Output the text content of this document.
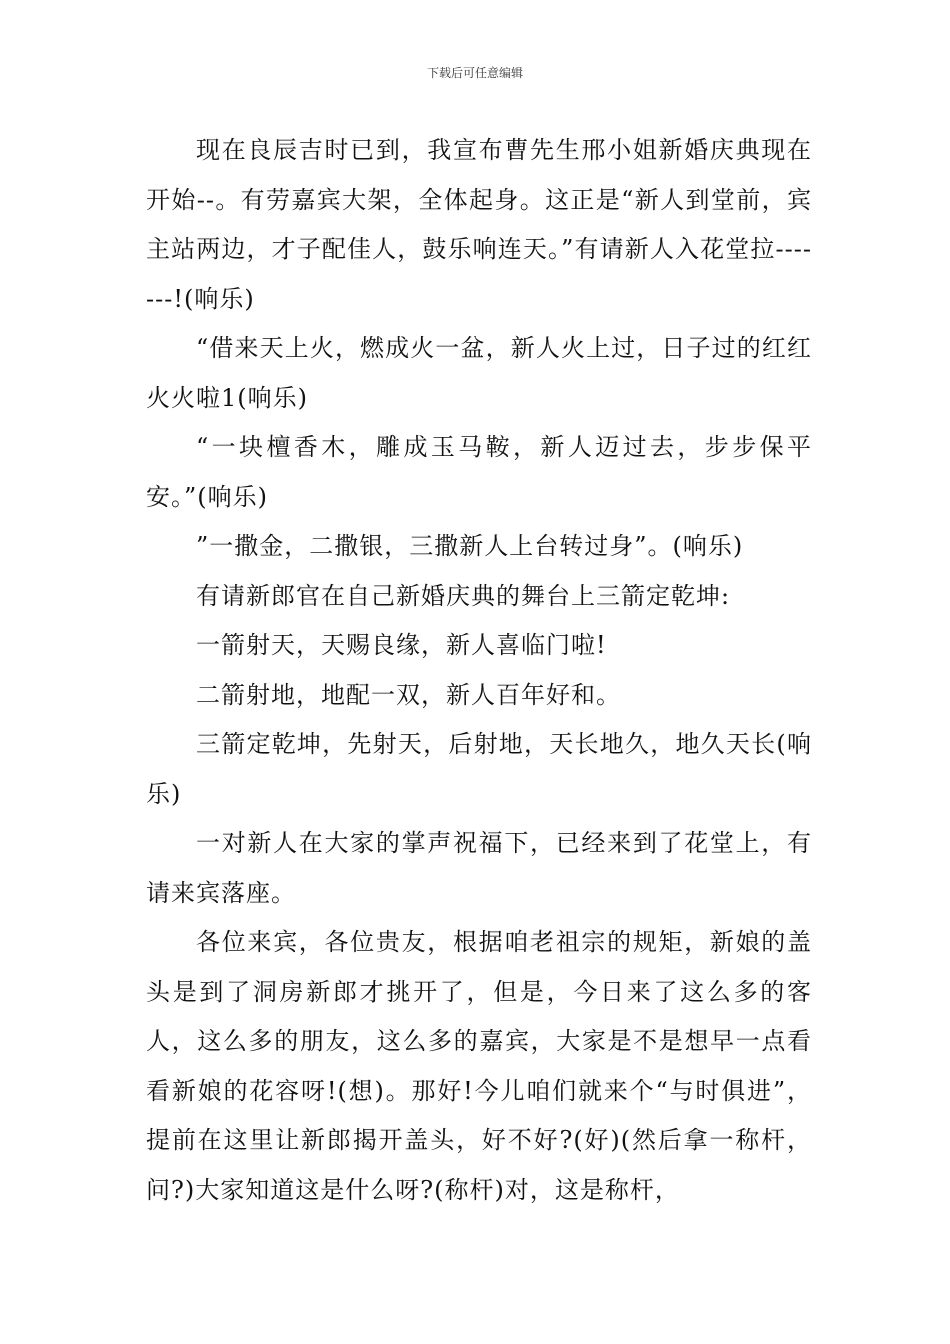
下载后可任意编辑

现在良辰吉时已到，我宣布曹先生邢小姐新婚庆典现在开始--。有劳嘉宾大架，全体起身。这正是“新人到堂前，宾主站两边，才子配佳人，鼓乐响连天。”有请新人入花堂拉-------!(响乐)

“借来天上火，燃成火一盆，新人火上过，日子过的红红火火啦1(响乐)

“一块檀香木，雕成玉马鞍，新人迈过去，步步保平安。”(响乐)

”一撒金，二撒银，三撒新人上台转过身”。(响乐)

有请新郎官在自己新婚庆典的舞台上三箭定乾坤:

一箭射天，天赐良缘，新人喜临门啦!

二箭射地，地配一双，新人百年好和。

三箭定乾坤，先射天，后射地，天长地久，地久天长(响乐)

一对新人在大家的掌声祝福下，已经来到了花堂上，有请来宾落座。

各位来宾，各位贵友，根据咱老祖宗的规矩，新娘的盖头是到了洞房新郎才挑开了，但是，今日来了这么多的客人，这么多的朋友，这么多的嘉宾，大家是不是想早一点看看新娘的花容呀!(想)。那好!今儿咱们就来个“与时俱进”，提前在这里让新郎揭开盖头，好不好?(好)(然后拿一称杆，问?)大家知道这是什么呀?(称杆)对，这是称杆，
